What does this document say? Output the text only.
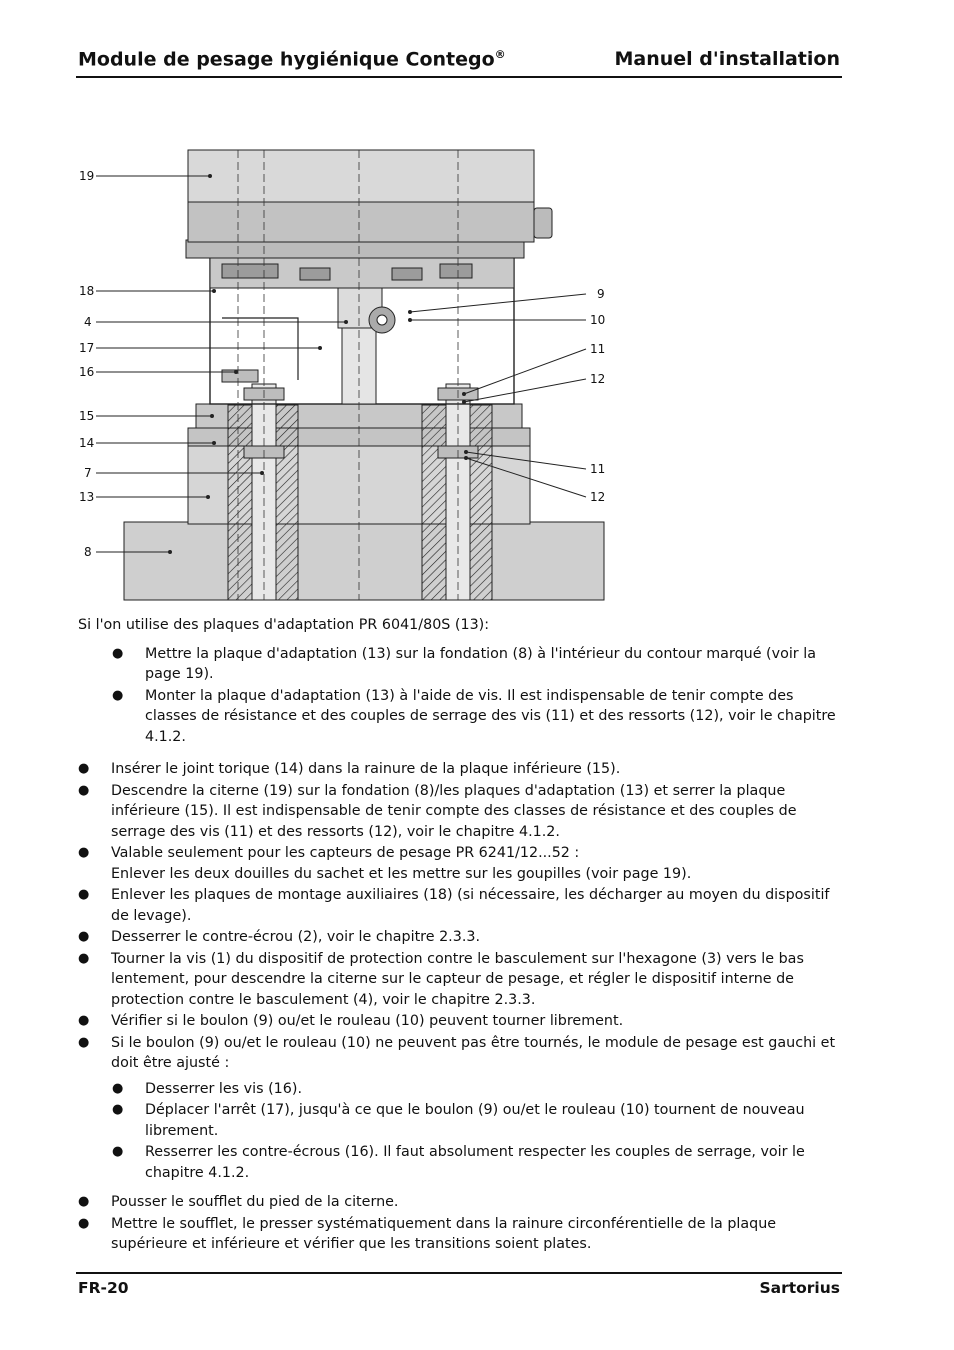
Module de pesage hygiénique Contego®	Manuel d'installation
19
18
4
17
16
15
14
7
13
8
9
10
11
12
11
12

Si l'on utilise des plaques d'adaptation PR 6041/80S (13):

● Mettre la plaque d'adaptation (13) sur la fondation (8) à l'intérieur du contour marqué (voir la page 19).
● Monter la plaque d'adaptation (13) à l'aide de vis. Il est indispensable de tenir compte des classes de résistance et des couples de serrage des vis (11) et des ressorts (12), voir le chapitre 4.1.2.
● Insérer le joint torique (14) dans la rainure de la plaque inférieure (15).
● Descendre la citerne (19) sur la fondation (8)/les plaques d'adaptation (13) et serrer la plaque inférieure (15). Il est indispensable de tenir compte des classes de résistance et des couples de serrage des vis (11) et des ressorts (12), voir le chapitre 4.1.2.
● Valable seulement pour les capteurs de pesage PR 6241/12...52 :
Enlever les deux douilles du sachet et les mettre sur les goupilles (voir page 19).
● Enlever les plaques de montage auxiliaires (18) (si nécessaire, les décharger au moyen du dispositif de levage).
● Desserrer le contre-écrou (2), voir le chapitre 2.3.3.
● Tourner la vis (1) du dispositif de protection contre le basculement sur l'hexagone (3) vers le bas lentement, pour descendre la citerne sur le capteur de pesage, et régler le dispositif interne de protection contre le basculement (4), voir le chapitre 2.3.3.
● Vérifier si le boulon (9) ou/et le rouleau (10) peuvent tourner librement.
● Si le boulon (9) ou/et le rouleau (10) ne peuvent pas être tournés, le module de pesage est gauchi et doit être ajusté :
● Desserrer les vis (16).
● Déplacer l'arrêt (17), jusqu'à ce que le boulon (9) ou/et le rouleau (10) tournent de nouveau librement.
● Resserrer les contre-écrous (16). Il faut absolument respecter les couples de serrage, voir le chapitre 4.1.2.
● Pousser le soufflet du pied de la citerne.
● Mettre le soufflet, le presser systématiquement dans la rainure circonférentielle de la plaque supérieure et inférieure et vérifier que les transitions soient plates.
FR-20	Sartorius
